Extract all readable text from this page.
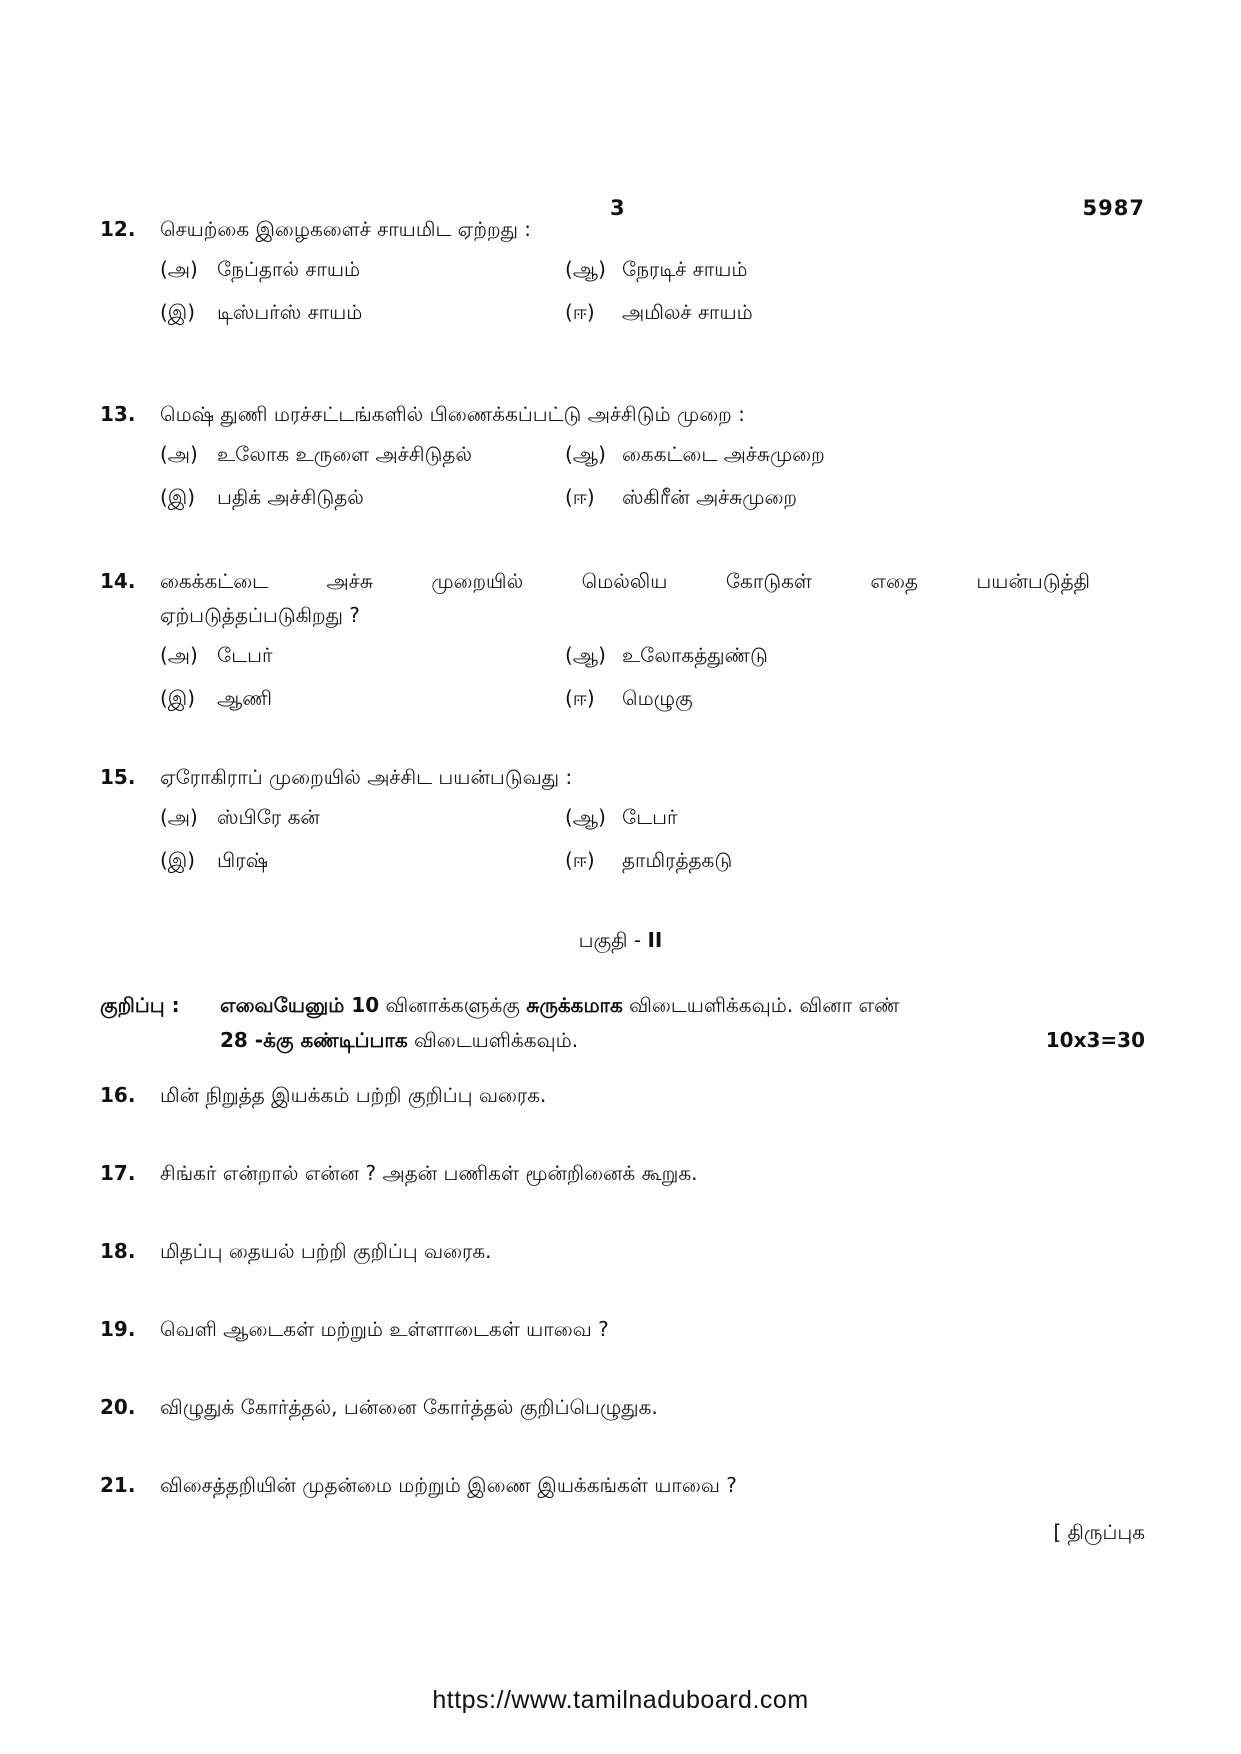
3	5987
12. செயற்கை இழைகளைச் சாயமிட ஏற்றது :
(அ) நேப்தால் சாயம்	(ஆ) நேரடிச் சாயம்
(இ)	டிஸ்பர்ஸ் சாயம்	(ஈ)	அமிலச் சாயம்
13. மெஷ் துணி மரச்சட்டங்களில் பிணைக்கப்பட்டு அச்சிடும் முறை :
(அ) உலோக உருளை அச்சிடுதல்	(ஆ) கைகட்டை அச்சுமுறை
(இ)	பதிக் அச்சிடுதல்	(ஈ)	ஸ்கிரீன் அச்சுமுறை
14. கைக்கட்டை	அச்சு	முறையில்	மெல்லிய	கோடுகள்	எதை	பயன்படுத்தி
ஏற்படுத்தப்படுகிறது ?
(அ) டேபர்	(ஆ) உலோகத்துண்டு
(இ)	ஆணி	(ஈ)	மெழுகு
15. ஏரோகிராப் முறையில் அச்சிட பயன்படுவது :
(அ) ஸ்பிரே கன்	(ஆ) டேபர்
(இ)	பிரஷ்	(ஈ)	தாமிரத்தகடு
பகுதி - II
குறிப்பு : எவையேனும் 10 வினாக்களுக்கு சுருக்கமாக விடையளிக்கவும். வினா எண்
28 -க்கு கண்டிப்பாக விடையளிக்கவும்.	10x3=30
16. மின் நிறுத்த இயக்கம் பற்றி குறிப்பு வரைக.
17. சிங்கர் என்றால் என்ன ? அதன் பணிகள் மூன்றினைக் கூறுக.
18. மிதப்பு தையல் பற்றி குறிப்பு வரைக.
19. வெளி ஆடைகள் மற்றும் உள்ளாடைகள் யாவை ?
20. விழுதுக் கோர்த்தல், பன்னை கோர்த்தல் குறிப்பெழுதுக.
21. விசைத்தறியின் முதன்மை மற்றும் இணை இயக்கங்கள் யாவை ?
[ திருப்புக
https://www.tamilnaduboard.com
